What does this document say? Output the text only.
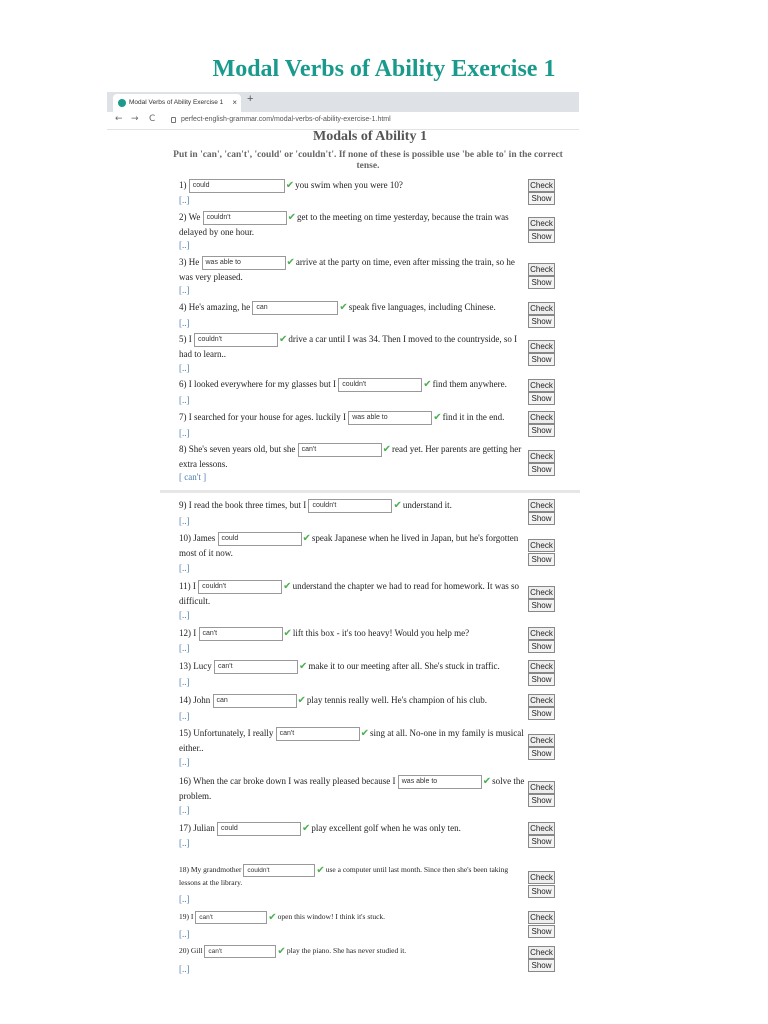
Modal Verbs of Ability Exercise 1
Modal Verbs of Ability Exercise 1 × +
← → C	perfect-english-grammar.com/modal-verbs-of-ability-exercise-1.html
Modals of Ability 1
Put in 'can', 'can't', 'could' or 'couldn't'. If none of these is possible use 'be able to' in the correct tense.
1) could	✔you swim when you were 10?
[..]
Check
Show
2) We couldn't	✔get to the meeting on time yesterday, because the train was delayed by one hour.
[..]
Check
Show
3) He was able to	✔arrive at the party on time, even after missing the train, so he was very pleased.
[..]
Check
Show
4) He's amazing, he can	✔speak five languages, including Chinese.
[..]
Check
Show
5) I couldn't	✔drive a car until I was 34. Then I moved to the countryside, so I had to learn..
[..]
Check
Show
6) I looked everywhere for my glasses but I couldn't	✔find them anywhere.
[..]
Check
Show
7) I searched for your house for ages. luckily I was able to	✔find it in the end.
[..]
Check
Show
8) She's seven years old, but she can't	✔read yet. Her parents are getting her extra lessons.
[ can't ]
Check
Show
9) I read the book three times, but I couldn't	✔understand it.
[..]
Check
Show
10) James could	✔speak Japanese when he lived in Japan, but he's forgotten most of it now.
[..]
Check
Show
11) I couldn't	✔understand the chapter we had to read for homework. It was so difficult.
[..]
Check
Show
12) I can't	✔lift this box - it's too heavy! Would you help me?
[..]
Check
Show
13) Lucy can't	✔make it to our meeting after all. She's stuck in traffic.
[..]
Check
Show
14) John can	✔play tennis really well. He's champion of his club.
[..]
Check
Show
15) Unfortunately, I really can't	✔sing at all. No-one in my family is musical either..
[..]
Check
Show
16) When the car broke down I was really pleased because I was able to	✔solve the problem.
[..]
Check
Show
17) Julian could	✔play excellent golf when he was only ten.
[..]
Check
Show
18) My grandmother couldn't	✔use a computer until last month. Since then she's been taking lessons at the library.
[..]
Check
Show
19) I can't	✔open this window! I think it's stuck.
[..]
Check
Show
20) Gill can't	✔play the piano. She has never studied it.
[..]
Check
Show
